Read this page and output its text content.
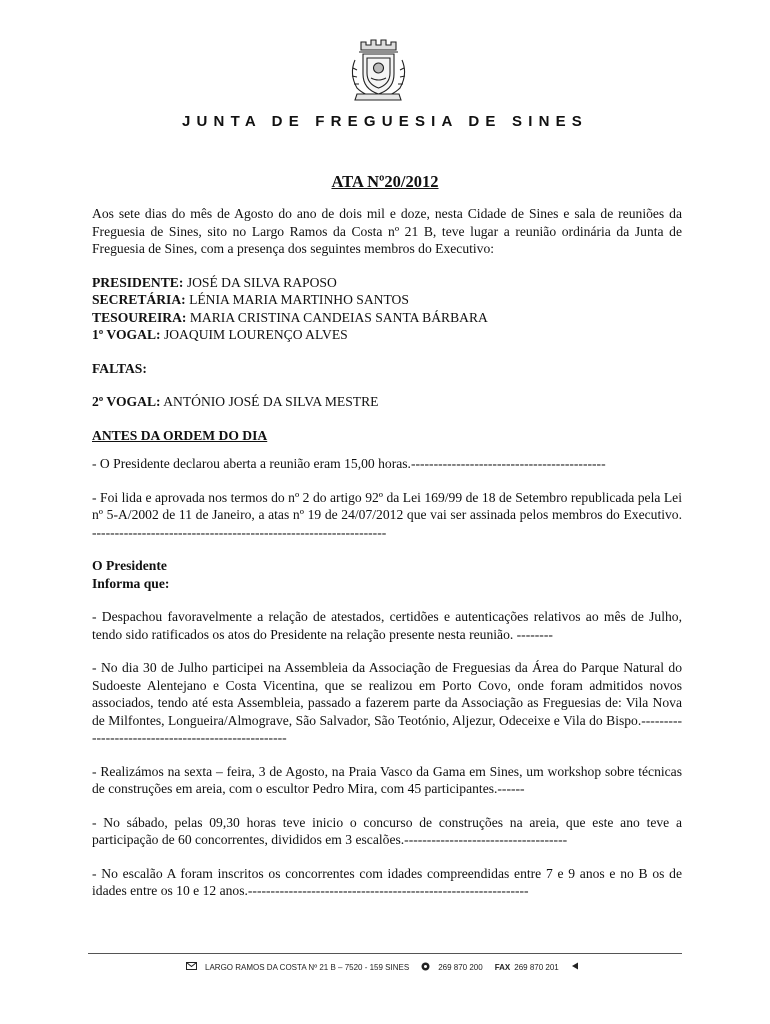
JUNTA DE FREGUESIA DE SINES
ATA Nº20/2012

Aos sete dias do mês de Agosto do ano de dois mil e doze, nesta Cidade de Sines e sala de reuniões da Freguesia de Sines, sito no Largo Ramos da Costa nº 21 B, teve lugar a reunião ordinária da Junta de Freguesia de Sines, com a presença dos seguintes membros do Executivo:

PRESIDENTE: JOSÉ DA SILVA RAPOSO
SECRETÁRIA: LÉNIA MARIA MARTINHO SANTOS
TESOUREIRA: MARIA CRISTINA CANDEIAS SANTA BÁRBARA
1º VOGAL: JOAQUIM LOURENÇO ALVES
FALTAS:
2º VOGAL: ANTÓNIO JOSÉ DA SILVA MESTRE
ANTES DA ORDEM DO DIA

- O Presidente declarou aberta a reunião eram 15,00 horas.-------------------------------------------

- Foi lida e aprovada nos termos do nº 2 do artigo 92º da Lei 169/99 de 18 de Setembro republicada pela Lei nº 5-A/2002 de 11 de Janeiro, a atas nº 19 de 24/07/2012 que vai ser assinada pelos membros do Executivo. -----------------------------------------------------------------

O Presidente
Informa que:

- Despachou favoravelmente a relação de atestados, certidões e autenticações relativos ao mês de Julho, tendo sido ratificados os atos do Presidente na relação presente nesta reunião. --------

- No dia 30 de Julho participei na Assembleia da Associação de Freguesias da Área do Parque Natural do Sudoeste Alentejano e Costa Vicentina, que se realizou em Porto Covo, onde foram admitidos novos associados, tendo até esta Assembleia, passado a fazerem parte da Associação as Freguesias de: Vila Nova de Milfontes, Longueira/Almograve, São Salvador, São Teotónio, Aljezur, Odeceixe e Vila do Bispo.----------------------------------------------------

- Realizámos na sexta – feira, 3 de Agosto, na Praia Vasco da Gama em Sines, um workshop sobre técnicas de construções em areia, com o escultor Pedro Mira, com 45 participantes.------

- No sábado, pelas 09,30 horas teve inicio o concurso de construções na areia, que este ano teve a participação de 60 concorrentes, divididos em 3 escalões.------------------------------------

- No escalão A foram inscritos os concorrentes com idades compreendidas entre 7 e 9 anos e no B os de idades entre os 10 e 12 anos.--------------------------------------------------------------

LARGO RAMOS DA COSTA Nº 21 B – 7520 - 159 SINES	269 870 200 FAX 269 870 201
